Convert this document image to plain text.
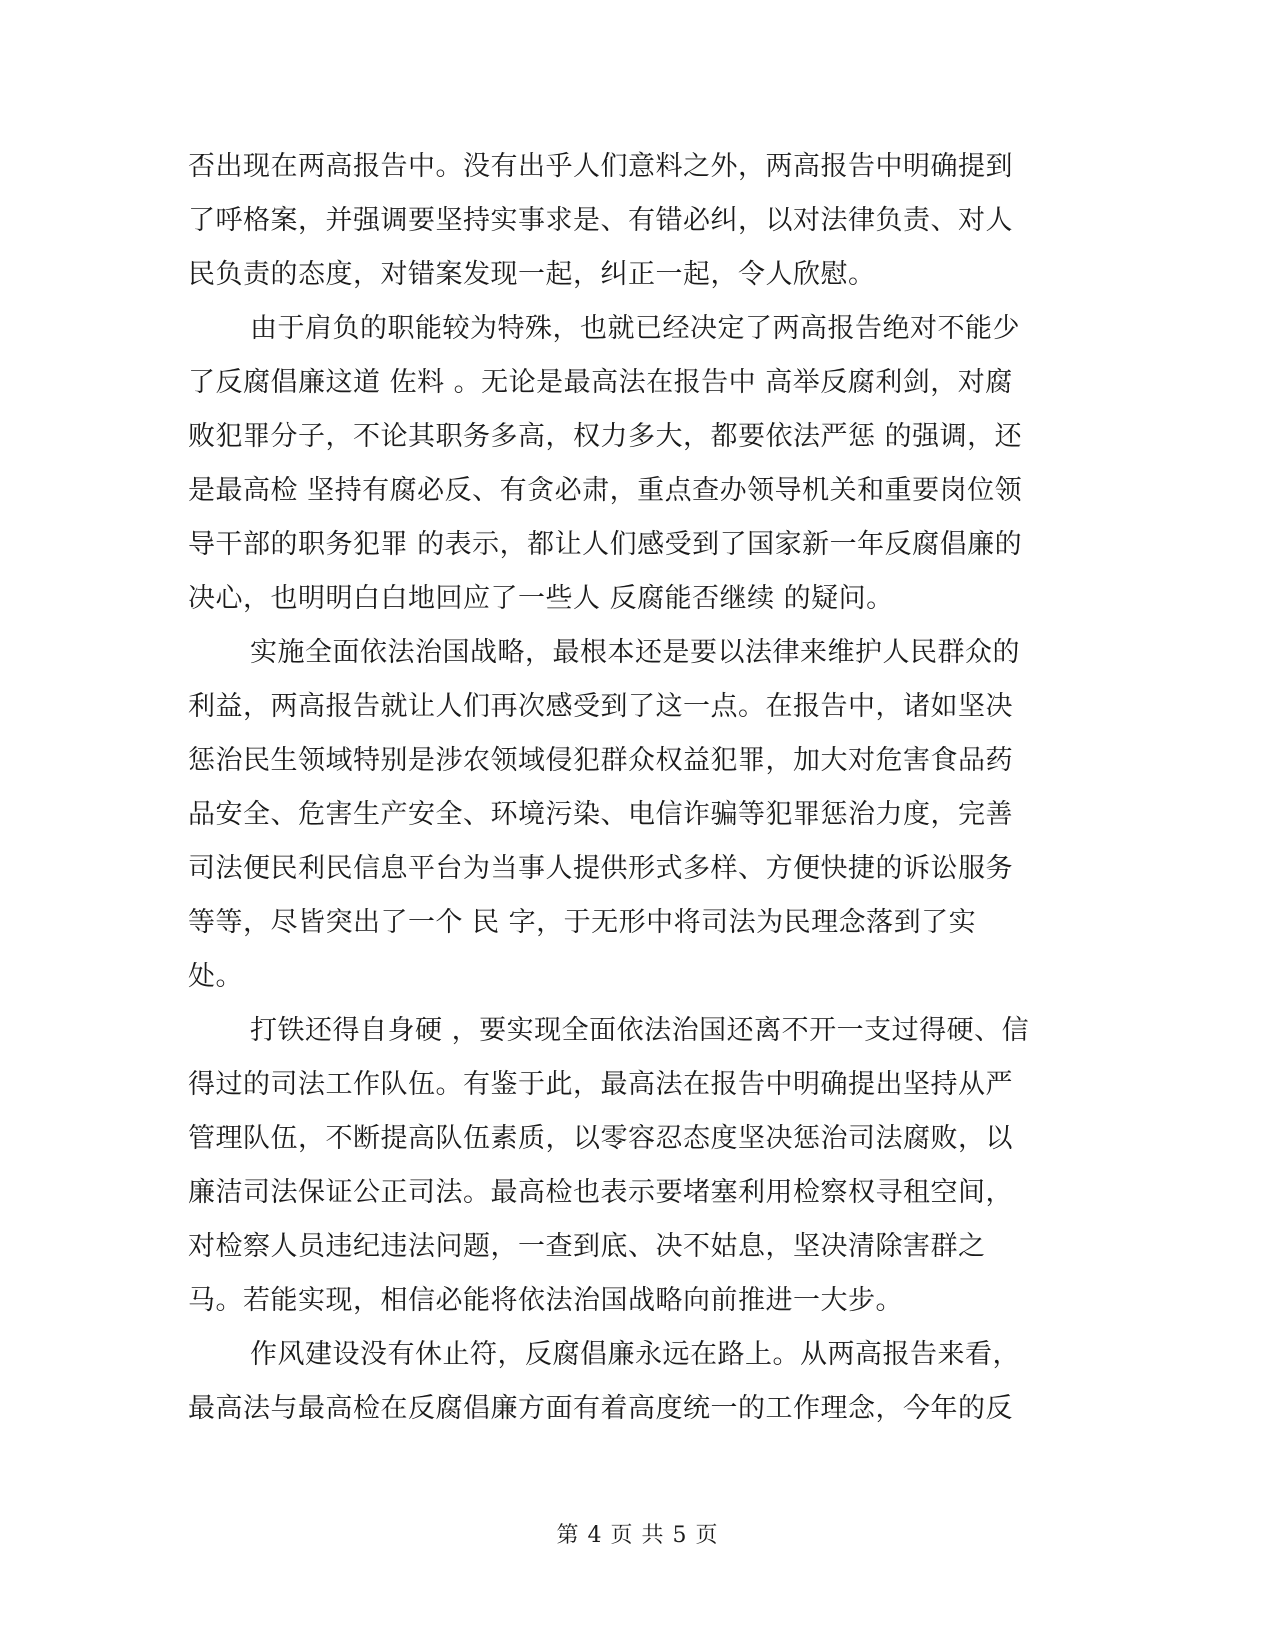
否出现在两高报告中。没有出乎人们意料之外，两高报告中明确提到
了呼格案，并强调要坚持实事求是、有错必纠，以对法律负责、对人
民负责的态度，对错案发现一起，纠正一起，令人欣慰。
由于肩负的职能较为特殊，也就已经决定了两高报告绝对不能少
了反腐倡廉这道 佐料 。无论是最高法在报告中 高举反腐利剑，对腐
败犯罪分子，不论其职务多高，权力多大，都要依法严惩 的强调，还
是最高检 坚持有腐必反、有贪必肃，重点查办领导机关和重要岗位领
导干部的职务犯罪 的表示，都让人们感受到了国家新一年反腐倡廉的
决心，也明明白白地回应了一些人 反腐能否继续 的疑问。
实施全面依法治国战略，最根本还是要以法律来维护人民群众的
利益，两高报告就让人们再次感受到了这一点。在报告中，诸如坚决
惩治民生领域特别是涉农领域侵犯群众权益犯罪，加大对危害食品药
品安全、危害生产安全、环境污染、电信诈骗等犯罪惩治力度，完善
司法便民利民信息平台为当事人提供形式多样、方便快捷的诉讼服务
等等，尽皆突出了一个 民 字，于无形中将司法为民理念落到了实
处。
打铁还得自身硬 ，要实现全面依法治国还离不开一支过得硬、信
得过的司法工作队伍。有鉴于此，最高法在报告中明确提出坚持从严
管理队伍，不断提高队伍素质，以零容忍态度坚决惩治司法腐败，以
廉洁司法保证公正司法。最高检也表示要堵塞利用检察权寻租空间，
对检察人员违纪违法问题，一查到底、决不姑息，坚决清除害群之
马。若能实现，相信必能将依法治国战略向前推进一大步。
作风建设没有休止符，反腐倡廉永远在路上。从两高报告来看，
最高法与最高检在反腐倡廉方面有着高度统一的工作理念，今年的反
第 4 页 共 5 页
